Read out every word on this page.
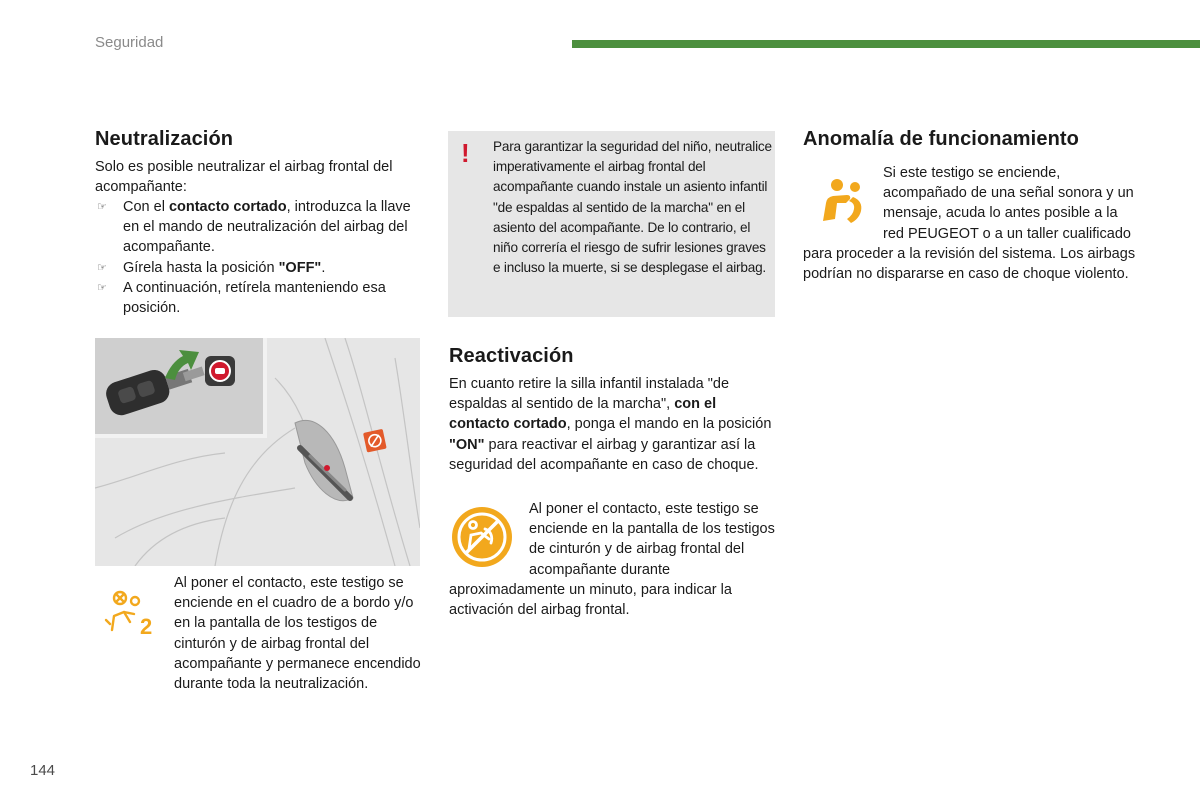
Seguridad
Neutralización

Solo es posible neutralizar el airbag frontal del acompañante:

☞ Con el contacto cortado, introduzca la llave en el mando de neutralización del airbag del acompañante.
☞ Gírela hasta la posición "OFF".
☞ A continuación, retírela manteniendo esa posición.
2

Al poner el contacto, este testigo se enciende en el cuadro de a bordo y/o en la pantalla de los testigos de cinturón y de airbag frontal del acompañante y permanece encendido durante toda la neutralización.

! Para garantizar la seguridad del niño, neutralice imperativamente el airbag frontal del acompañante cuando instale un asiento infantil "de espaldas al sentido de la marcha" en el asiento del acompañante. De lo contrario, el niño correría el riesgo de sufrir lesiones graves e incluso la muerte, si se desplegase el airbag.

Reactivación

En cuanto retire la silla infantil instalada "de espaldas al sentido de la marcha", con el contacto cortado, ponga el mando en la posición "ON" para reactivar el airbag y garantizar así la seguridad del acompañante en caso de choque.

Al poner el contacto, este testigo se enciende en la pantalla de los testigos de cinturón y de airbag frontal del acompañante durante aproximadamente un minuto, para indicar la activación del airbag frontal.
Anomalía de funcionamiento
Si este testigo se enciende, acompañado de una señal sonora y un mensaje, acuda lo antes posible a la red PEUGEOT o a un taller cualificado para proceder a la revisión del sistema. Los airbags podrían no dispararse en caso de choque violento.
144
